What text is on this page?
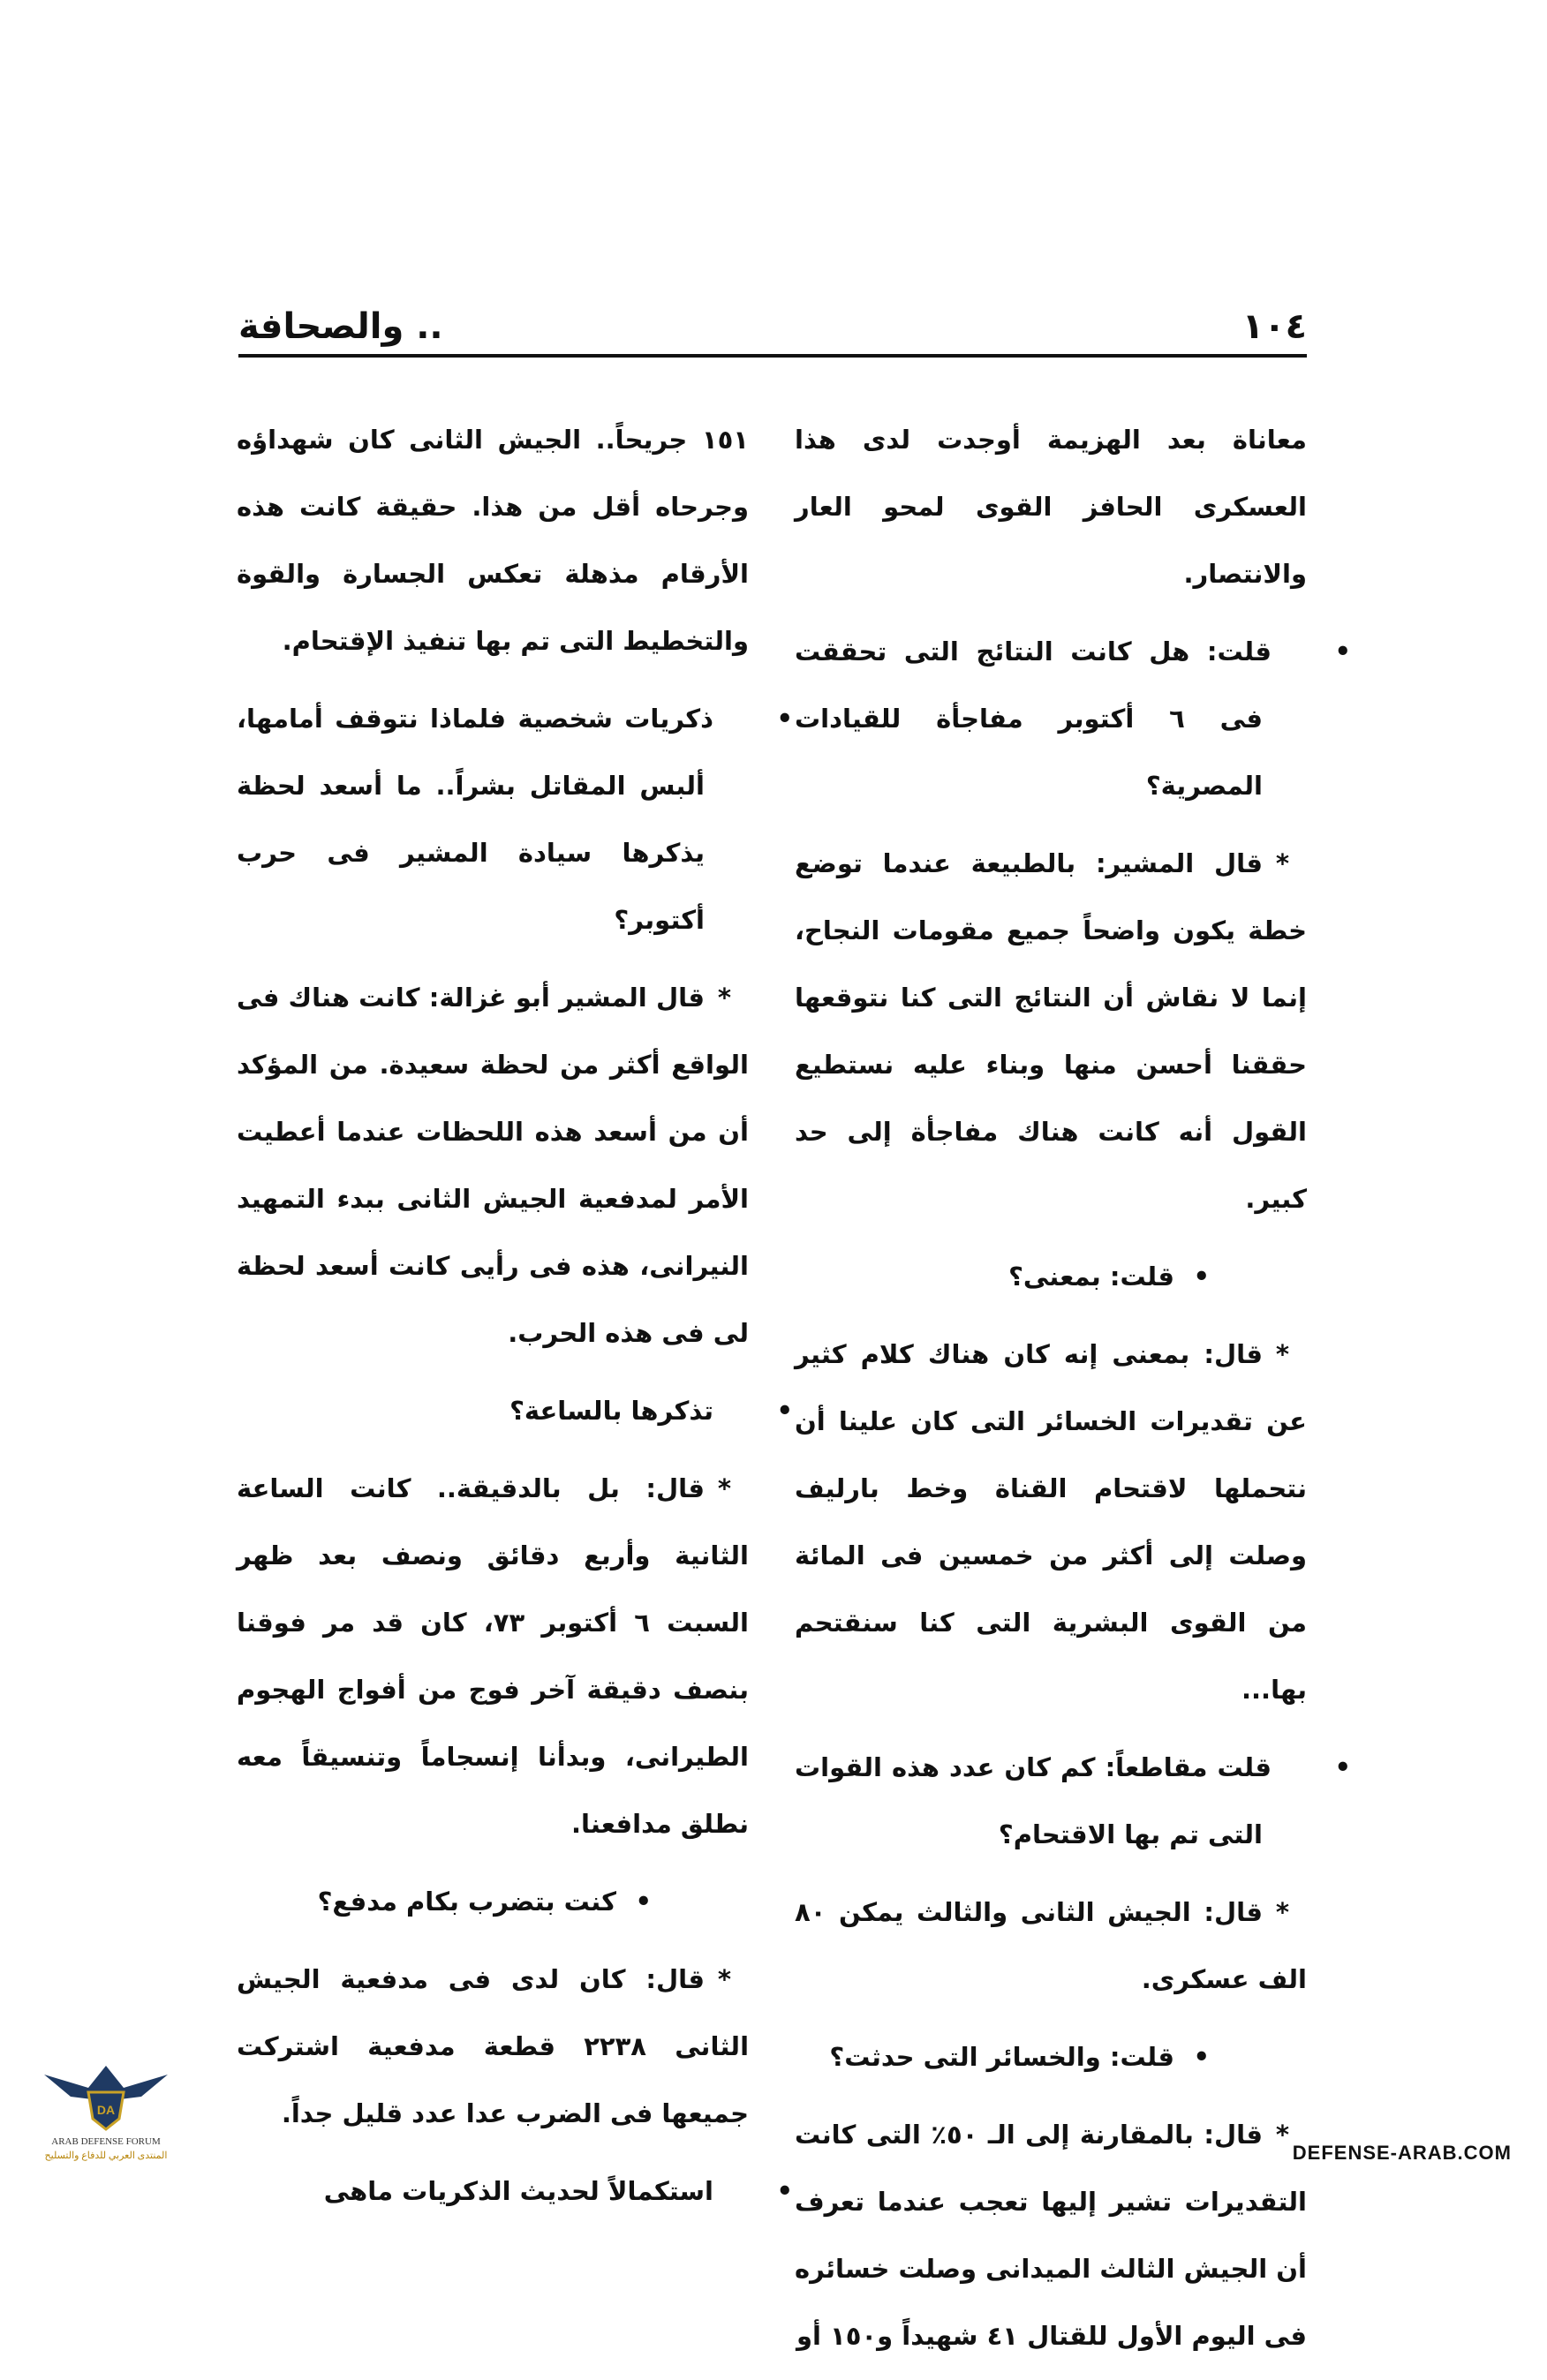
١٠٤
.. والصحافة

معاناة بعد الهزيمة أوجدت لدى هذا العسكرى الحافز القوى لمحو العار والانتصار.

•قلت: هل كانت النتائج التى تحققت فى ٦ أكتوبر مفاجأة للقيادات المصرية؟

*قال المشير: بالطبيعة عندما توضع خطة يكون واضحاً جميع مقومات النجاح، إنما لا نقاش أن النتائج التى كنا نتوقعها حققنا أحسن منها وبناء عليه نستطيع القول أنه كانت هناك مفاجأة إلى حد كبير.

•قلت: بمعنى؟

*قال: بمعنى إنه كان هناك كلام كثير عن تقديرات الخسائر التى كان علينا أن نتحملها لاقتحام القناة وخط بارليف وصلت إلى أكثر من خمسين فى المائة من القوى البشرية التى كنا سنقتحم بها...

•قلت مقاطعاً: كم كان عدد هذه القوات التى تم بها الاقتحام؟

*قال: الجيش الثانى والثالث يمكن ٨٠ الف عسكرى.

•قلت: والخسائر التى حدثت؟

*قال: بالمقارنة إلى الـ ٥٠٪ التى كانت التقديرات تشير إليها تعجب عندما تعرف أن الجيش الثالث الميدانى وصلت خسائره فى اليوم الأول للقتال ٤١ شهيداً و١٥٠ أو

١٥١ جريحاً.. الجيش الثانى كان شهداؤه وجرحاه أقل من هذا. حقيقة كانت هذه الأرقام مذهلة تعكس الجسارة والقوة والتخطيط التى تم بها تنفيذ الإقتحام.

•ذكريات شخصية فلماذا نتوقف أمامها، ألبس المقاتل بشراً.. ما أسعد لحظة يذكرها سيادة المشير فى حرب أكتوبر؟

*قال المشير أبو غزالة: كانت هناك فى الواقع أكثر من لحظة سعيدة. من المؤكد أن من أسعد هذه اللحظات عندما أعطيت الأمر لمدفعية الجيش الثانى ببدء التمهيد النيرانى، هذه فى رأيى كانت أسعد لحظة لى فى هذه الحرب.

•تذكرها بالساعة؟

*قال: بل بالدقيقة.. كانت الساعة الثانية وأربع دقائق ونصف بعد ظهر السبت ٦ أكتوبر ٧٣، كان قد مر فوقنا بنصف دقيقة آخر فوج من أفواج الهجوم الطيرانى، وبدأنا إنسجاماً وتنسيقاً معه نطلق مدافعنا.

•كنت بتضرب بكام مدفع؟

*قال: كان لدى فى مدفعية الجيش الثانى ٢٢٣٨ قطعة مدفعية اشتركت جميعها فى الضرب عدا عدد قليل جداً.

•استكمالاً لحديث الذكريات ماهى

DA
ARAB DEFENSE FORUM
المنتدى العربي للدفاع والتسليح	DEFENSE-ARAB.COM
